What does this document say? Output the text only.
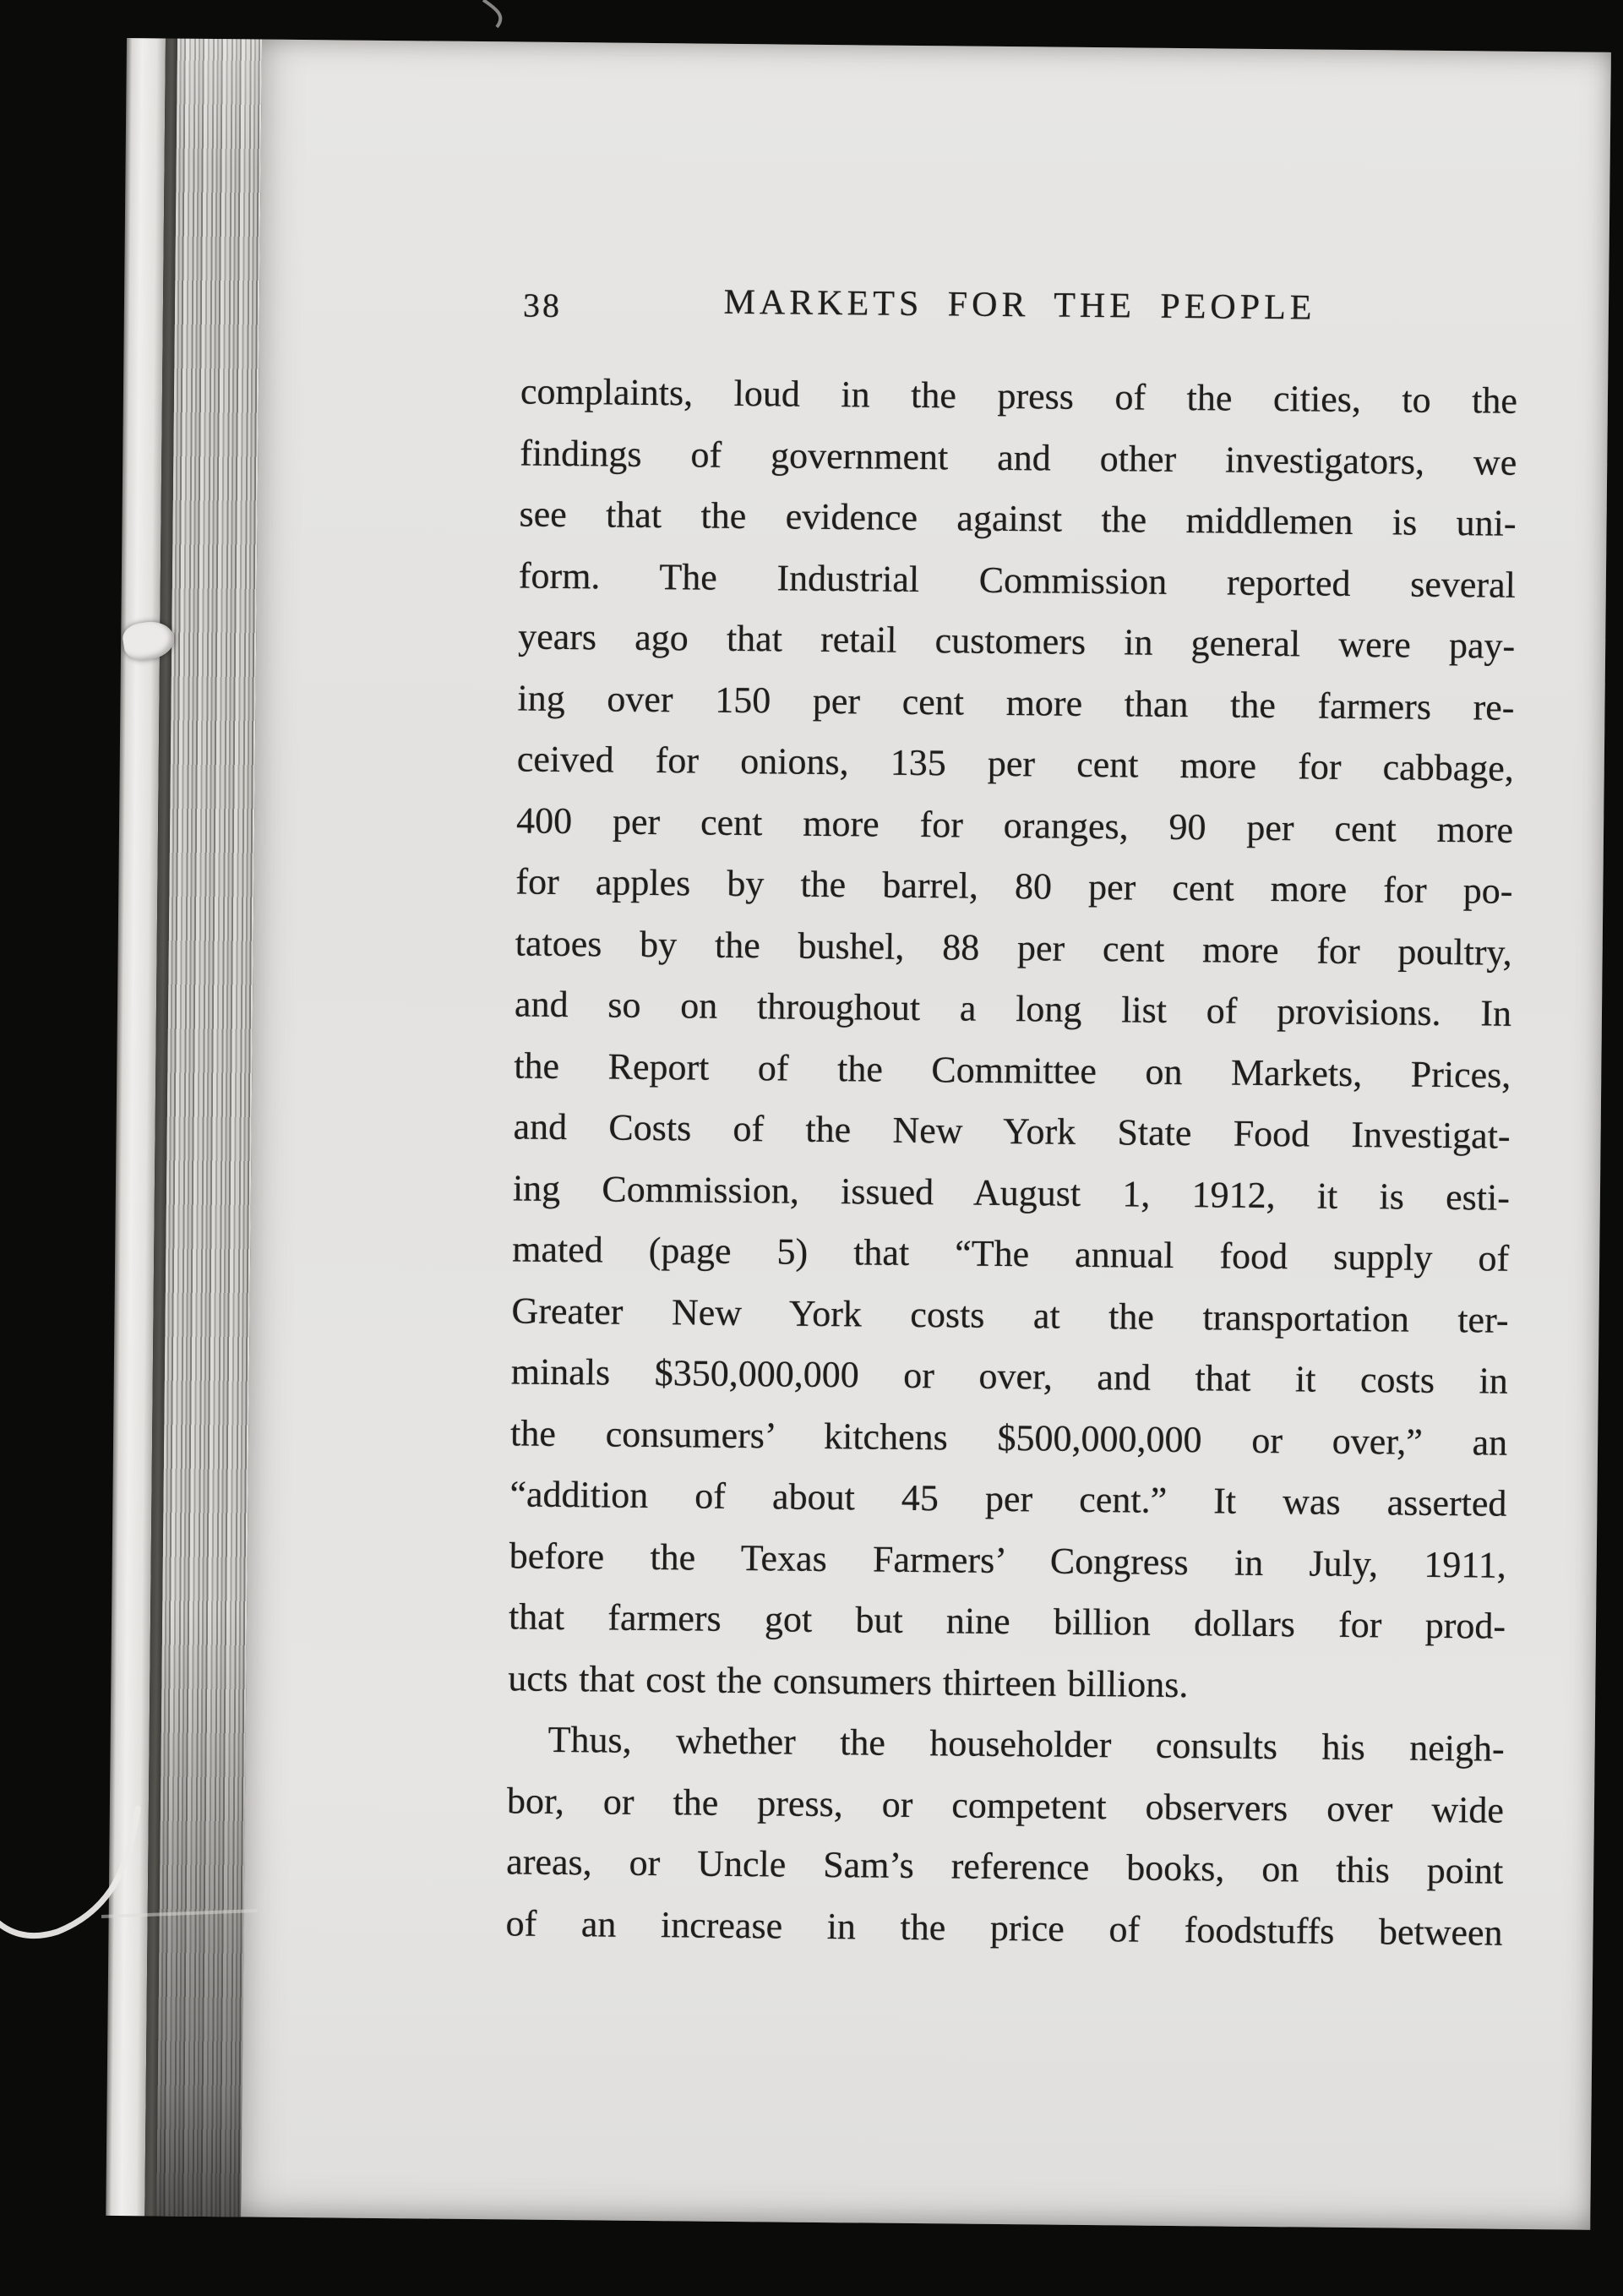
38	MARKETS FOR THE PEOPLE
complaints, loud in the press of the cities, to the
findings of government and other investigators, we
see that the evidence against the middlemen is uni-
form. The Industrial Commission reported several
years ago that retail customers in general were pay-
ing over 150 per cent more than the farmers re-
ceived for onions, 135 per cent more for cabbage,
400 per cent more for oranges, 90 per cent more
for apples by the barrel, 80 per cent more for po-
tatoes by the bushel, 88 per cent more for poultry,
and so on throughout a long list of provisions. In
the Report of the Committee on Markets, Prices,
and Costs of the New York State Food Investigat-
ing Commission, issued August 1, 1912, it is esti-
mated (page 5) that “The annual food supply of
Greater New York costs at the transportation ter-
minals $350,000,000 or over, and that it costs in
the consumers’ kitchens $500,000,000 or over,” an
“addition of about 45 per cent.” It was asserted
before the Texas Farmers’ Congress in July, 1911,
that farmers got but nine billion dollars for prod-
ucts that cost the consumers thirteen billions.
Thus, whether the householder consults his neigh-
bor, or the press, or competent observers over wide
areas, or Uncle Sam’s reference books, on this point
of an increase in the price of foodstuffs between
